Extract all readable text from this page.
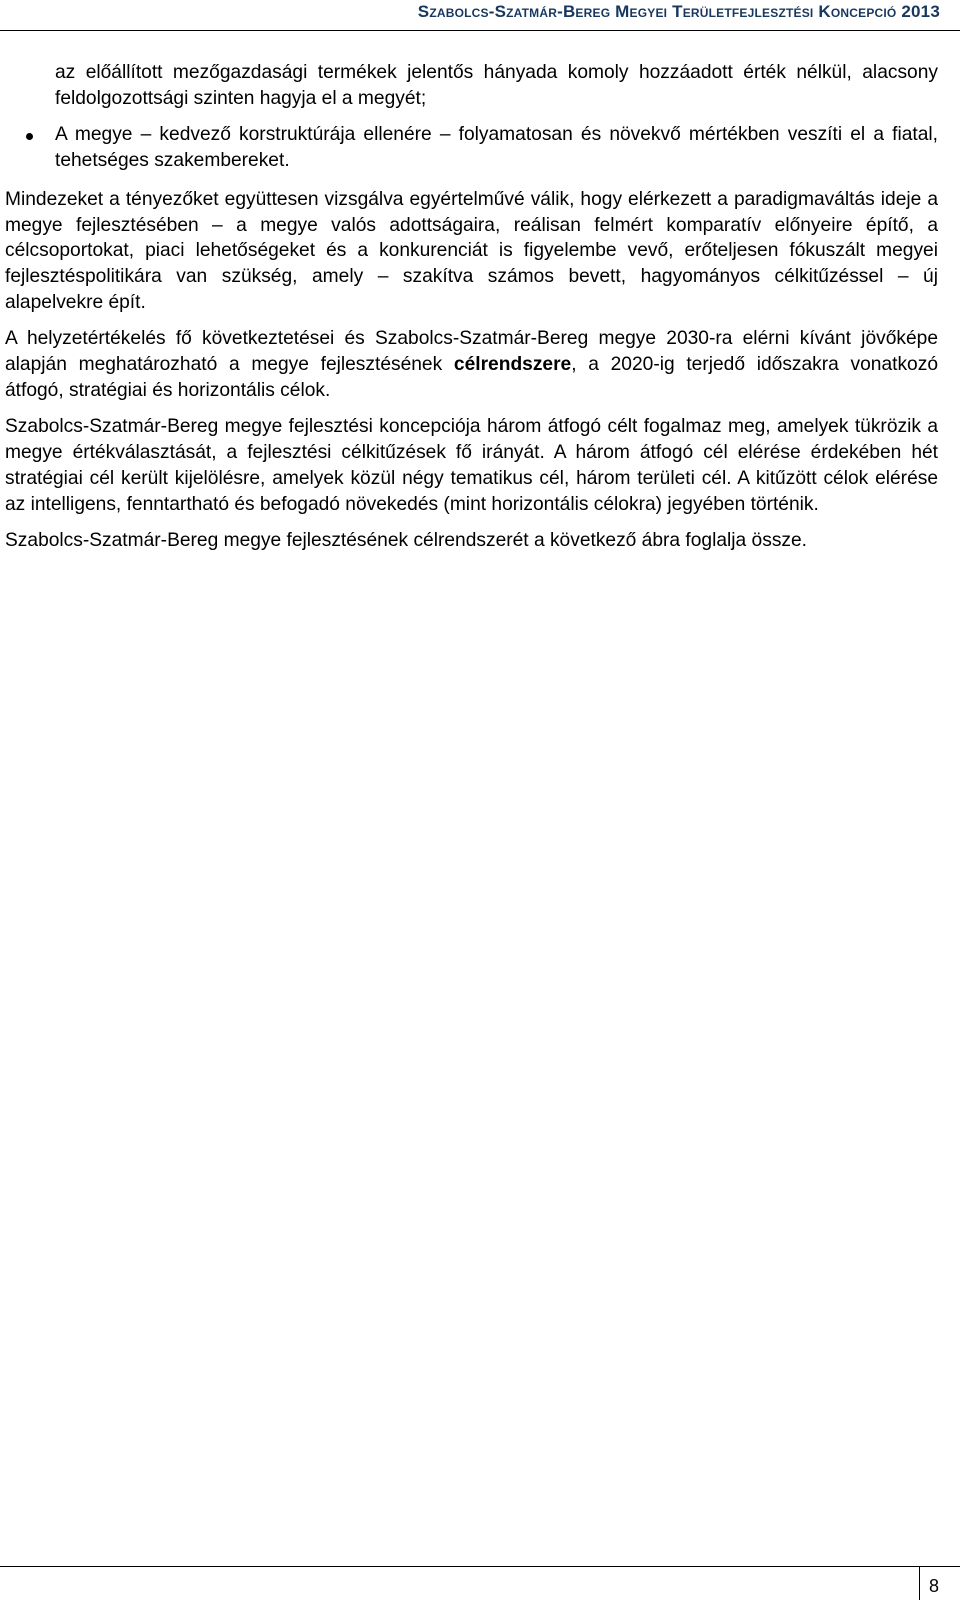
Szabolcs-Szatmár-Bereg Megyei Területfejlesztési Koncepció 2013

az előállított mezőgazdasági termékek jelentős hányada komoly hozzáadott érték nélkül, alacsony feldolgozottsági szinten hagyja el a megyét;

A megye – kedvező korstruktúrája ellenére – folyamatosan és növekvő mértékben veszíti el a fiatal, tehetséges szakembereket.

Mindezeket a tényezőket együttesen vizsgálva egyértelművé válik, hogy elérkezett a paradigmaváltás ideje a megye fejlesztésében – a megye valós adottságaira, reálisan felmért komparatív előnyeire építő, a célcsoportokat, piaci lehetőségeket és a konkurenciát is figyelembe vevő, erőteljesen fókuszált megyei fejlesztéspolitikára van szükség, amely – szakítva számos bevett, hagyományos célkitűzéssel – új alapelvekre épít.

A helyzetértékelés fő következtetései és Szabolcs-Szatmár-Bereg megye 2030-ra elérni kívánt jövőképe alapján meghatározható a megye fejlesztésének célrendszere, a 2020-ig terjedő időszakra vonatkozó átfogó, stratégiai és horizontális célok.

Szabolcs-Szatmár-Bereg megye fejlesztési koncepciója három átfogó célt fogalmaz meg, amelyek tükrözik a megye értékválasztását, a fejlesztési célkitűzések fő irányát. A három átfogó cél elérése érdekében hét stratégiai cél került kijelölésre, amelyek közül négy tematikus cél, három területi cél. A kitűzött célok elérése az intelligens, fenntartható és befogadó növekedés (mint horizontális célokra) jegyében történik.

Szabolcs-Szatmár-Bereg megye fejlesztésének célrendszerét a következő ábra foglalja össze.

8
